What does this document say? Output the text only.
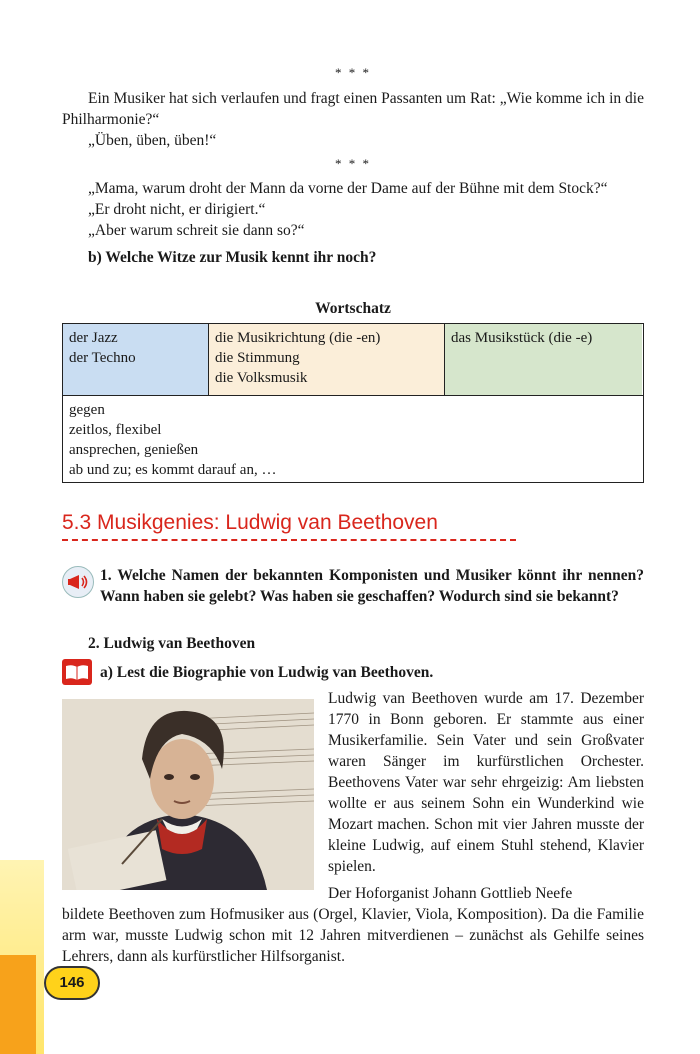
* * *

Ein Musiker hat sich verlaufen und fragt einen Passanten um Rat: „Wie komme ich in die Philharmonie?“

„Üben, üben, üben!“

* * *

„Mama, warum droht der Mann da vorne der Dame auf der Bühne mit dem Stock?“

„Er droht nicht, er dirigiert.“

„Aber warum schreit sie dann so?“

b) Welche Witze zur Musik kennt ihr noch?

Wortschatz
der Jazz
der Techno
die Musikrichtung (die -en)
die Stimmung
die Volksmusik
das Musikstück (die -e)
gegen
zeitlos, flexibel
ansprechen, genießen
ab und zu; es kommt darauf an, …
5.3 Musikgenies: Ludwig van Beethoven
1. Welche Namen der bekannten Komponisten und Musiker könnt ihr nennen? Wann haben sie gelebt? Was haben sie geschaffen? Wodurch sind sie bekannt?
2. Ludwig van Beethoven
a) Lest die Biographie von Ludwig van Beethoven.
Ludwig van Beethoven wurde am 17. Dezember 1770 in Bonn geboren. Er stammte aus einer Musikerfamilie. Sein Vater und sein Großvater waren Sänger im kurfürstlichen Orchester. Beethovens Vater war sehr ehrgeizig: Am liebsten wollte er aus seinem Sohn ein Wunderkind wie Mozart machen. Schon mit vier Jahren musste der kleine Ludwig, auf einem Stuhl stehend, Klavier spielen.
Der Hoforganist Johann Gottlieb Neefe
bildete Beethoven zum Hofmusiker aus (Orgel, Klavier, Viola, Komposition). Da die Familie arm war, musste Ludwig schon mit 12 Jahren mitverdienen – zunächst als Gehilfe seines Lehrers, dann als kurfürstlicher Hilfsorganist.
146
